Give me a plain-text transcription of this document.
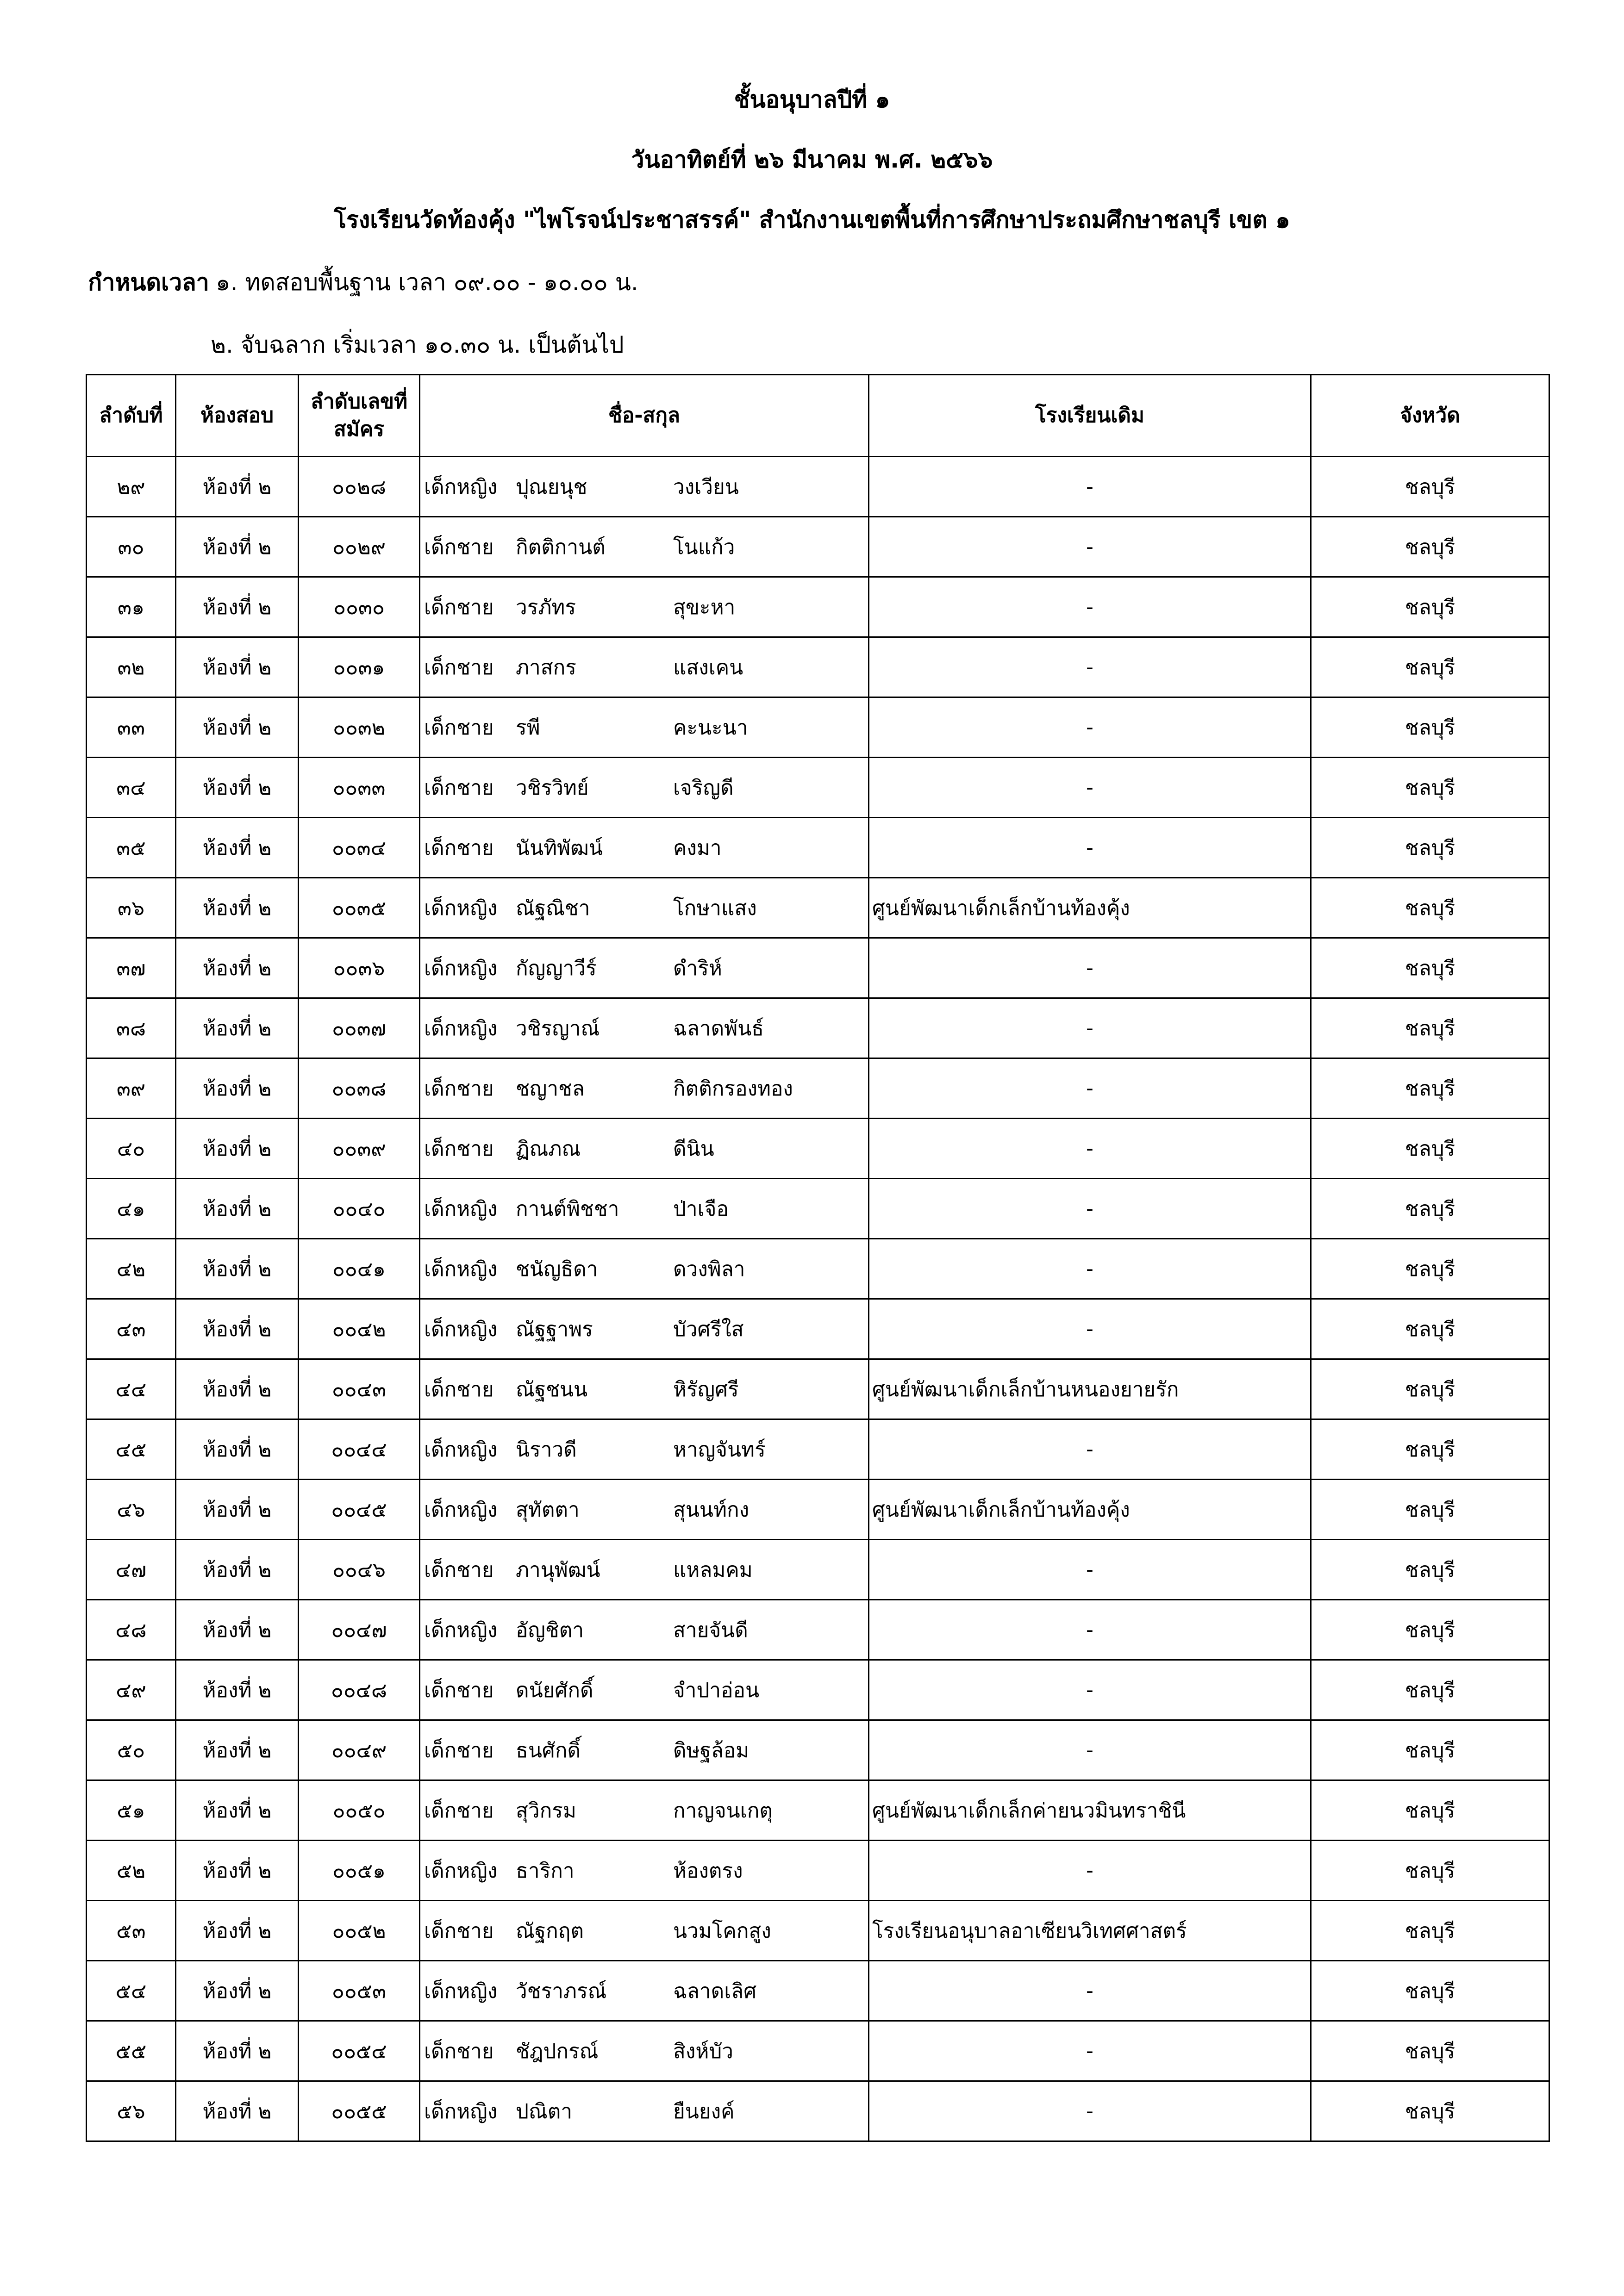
ชั้นอนุบาลปีที่ ๑
วันอาทิตย์ที่ ๒๖ มีนาคม พ.ศ. ๒๕๖๖
โรงเรียนวัดท้องคุ้ง "ไพโรจน์ประชาสรรค์" สำนักงานเขตพื้นที่การศึกษาประถมศึกษาชลบุรี เขต ๑
กำหนดเวลา ๑. ทดสอบพื้นฐาน เวลา ๐๙.๐๐ - ๑๐.๐๐ น.
๒. จับฉลาก เริ่มเวลา ๑๐.๓๐ น. เป็นต้นไป
ลำดับที่	ห้องสอบ	ลำดับเลขที่
สมัคร	ชื่อ-สกุล	โรงเรียนเดิม	จังหวัด
๒๙	ห้องที่ ๒	๐๐๒๘	เด็กหญิง ปุณยนุช วงเวียน	-	ชลบุรี
๓๐	ห้องที่ ๒	๐๐๒๙	เด็กชาย กิตติกานต์ โนแก้ว	-	ชลบุรี
๓๑	ห้องที่ ๒	๐๐๓๐	เด็กชาย วรภัทร สุขะหา	-	ชลบุรี
๓๒	ห้องที่ ๒	๐๐๓๑	เด็กชาย ภาสกร แสงเคน	-	ชลบุรี
๓๓	ห้องที่ ๒	๐๐๓๒	เด็กชาย รพี คะนะนา	-	ชลบุรี
๓๔	ห้องที่ ๒	๐๐๓๓	เด็กชาย วชิรวิทย์ เจริญดี	-	ชลบุรี
๓๕	ห้องที่ ๒	๐๐๓๔	เด็กชาย นันทิพัฒน์ คงมา	-	ชลบุรี
๓๖	ห้องที่ ๒	๐๐๓๕	เด็กหญิง ณัฐณิชา โกษาแสง	ศูนย์พัฒนาเด็กเล็กบ้านท้องคุ้ง	ชลบุรี
๓๗	ห้องที่ ๒	๐๐๓๖	เด็กหญิง กัญญาวีร์ ดำริห์	-	ชลบุรี
๓๘	ห้องที่ ๒	๐๐๓๗	เด็กหญิง วชิรญาณ์ ฉลาดพันธ์	-	ชลบุรี
๓๙	ห้องที่ ๒	๐๐๓๘	เด็กชาย ชญาชล กิตติกรองทอง	-	ชลบุรี
๔๐	ห้องที่ ๒	๐๐๓๙	เด็กชาย ฏิณภณ ดีนิน	-	ชลบุรี
๔๑	ห้องที่ ๒	๐๐๔๐	เด็กหญิง กานต์พิชชา ป่าเจือ	-	ชลบุรี
๔๒	ห้องที่ ๒	๐๐๔๑	เด็กหญิง ชนัญธิดา ดวงพิลา	-	ชลบุรี
๔๓	ห้องที่ ๒	๐๐๔๒	เด็กหญิง ณัฐฐาพร บัวศรีใส	-	ชลบุรี
๔๔	ห้องที่ ๒	๐๐๔๓	เด็กชาย ณัฐชนน หิรัญศรี	ศูนย์พัฒนาเด็กเล็กบ้านหนองยายรัก	ชลบุรี
๔๕	ห้องที่ ๒	๐๐๔๔	เด็กหญิง นิราวดี หาญจันทร์	-	ชลบุรี
๔๖	ห้องที่ ๒	๐๐๔๕	เด็กหญิง สุทัตตา สุนนท์กง	ศูนย์พัฒนาเด็กเล็กบ้านท้องคุ้ง	ชลบุรี
๔๗	ห้องที่ ๒	๐๐๔๖	เด็กชาย ภานุพัฒน์ แหลมคม	-	ชลบุรี
๔๘	ห้องที่ ๒	๐๐๔๗	เด็กหญิง อัญชิตา สายจันดี	-	ชลบุรี
๔๙	ห้องที่ ๒	๐๐๔๘	เด็กชาย ดนัยศักดิ์ จำปาอ่อน	-	ชลบุรี
๕๐	ห้องที่ ๒	๐๐๔๙	เด็กชาย ธนศักดิ์ ดิษฐล้อม	-	ชลบุรี
๕๑	ห้องที่ ๒	๐๐๕๐	เด็กชาย สุวิกรม กาญจนเกตุ	ศูนย์พัฒนาเด็กเล็กค่ายนวมินทราชินี	ชลบุรี
๕๒	ห้องที่ ๒	๐๐๕๑	เด็กหญิง ธาริกา ห้องตรง	-	ชลบุรี
๕๓	ห้องที่ ๒	๐๐๕๒	เด็กชาย ณัฐกฤต นวมโคกสูง	โรงเรียนอนุบาลอาเซียนวิเทศศาสตร์	ชลบุรี
๕๔	ห้องที่ ๒	๐๐๕๓	เด็กหญิง วัชราภรณ์ ฉลาดเลิศ	-	ชลบุรี
๕๕	ห้องที่ ๒	๐๐๕๔	เด็กชาย ชัฎปกรณ์ สิงห์บัว	-	ชลบุรี
๕๖	ห้องที่ ๒	๐๐๕๕	เด็กหญิง ปณิตา ยืนยงค์	-	ชลบุรี
